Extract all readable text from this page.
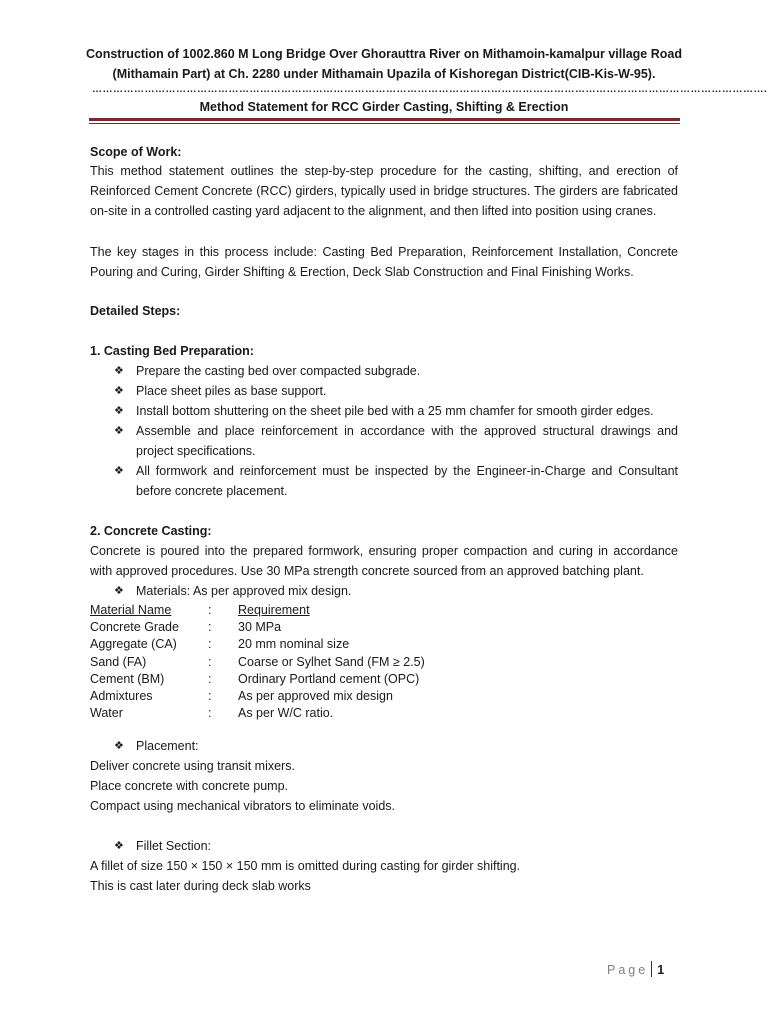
Construction of 1002.860 M Long Bridge Over Ghorauttra River on Mithamoin-kamalpur village Road
(Mithamain Part) at Ch. 2280 under Mithamain Upazila of Kishoregan District(CIB-Kis-W-95).
………………………………………………………………………………………………………………………………………………………………………….
Method Statement for RCC Girder Casting, Shifting & Erection
Scope of Work:
This method statement outlines the step-by-step procedure for the casting, shifting, and erection of Reinforced Cement Concrete (RCC) girders, typically used in bridge structures. The girders are fabricated on-site in a controlled casting yard adjacent to the alignment, and then lifted into position using cranes.
The key stages in this process include: Casting Bed Preparation, Reinforcement Installation, Concrete Pouring and Curing, Girder Shifting & Erection, Deck Slab Construction and Final Finishing Works.
Detailed Steps:
1. Casting Bed Preparation:
❖ Prepare the casting bed over compacted subgrade.
❖ Place sheet piles as base support.
❖ Install bottom shuttering on the sheet pile bed with a 25 mm chamfer for smooth girder edges.
❖ Assemble and place reinforcement in accordance with the approved structural drawings and project specifications.
❖ All formwork and reinforcement must be inspected by the Engineer-in-Charge and Consultant before concrete placement.
2. Concrete Casting:
Concrete is poured into the prepared formwork, ensuring proper compaction and curing in accordance with approved procedures. Use 30 MPa strength concrete sourced from an approved batching plant.
❖ Materials: As per approved mix design.
Material Name	: Requirement
Concrete Grade : 30 MPa
Aggregate (CA) : 20 mm nominal size
Sand (FA)	: Coarse or Sylhet Sand (FM ≥ 2.5)
Cement (BM)	: Ordinary Portland cement (OPC)
Admixtures	: As per approved mix design
Water	: As per W/C ratio.
❖ Placement:
Deliver concrete using transit mixers.
Place concrete with concrete pump.
Compact using mechanical vibrators to eliminate voids.
❖ Fillet Section:
A fillet of size 150 × 150 × 150 mm is omitted during casting for girder shifting.
This is cast later during deck slab works
Page 1
